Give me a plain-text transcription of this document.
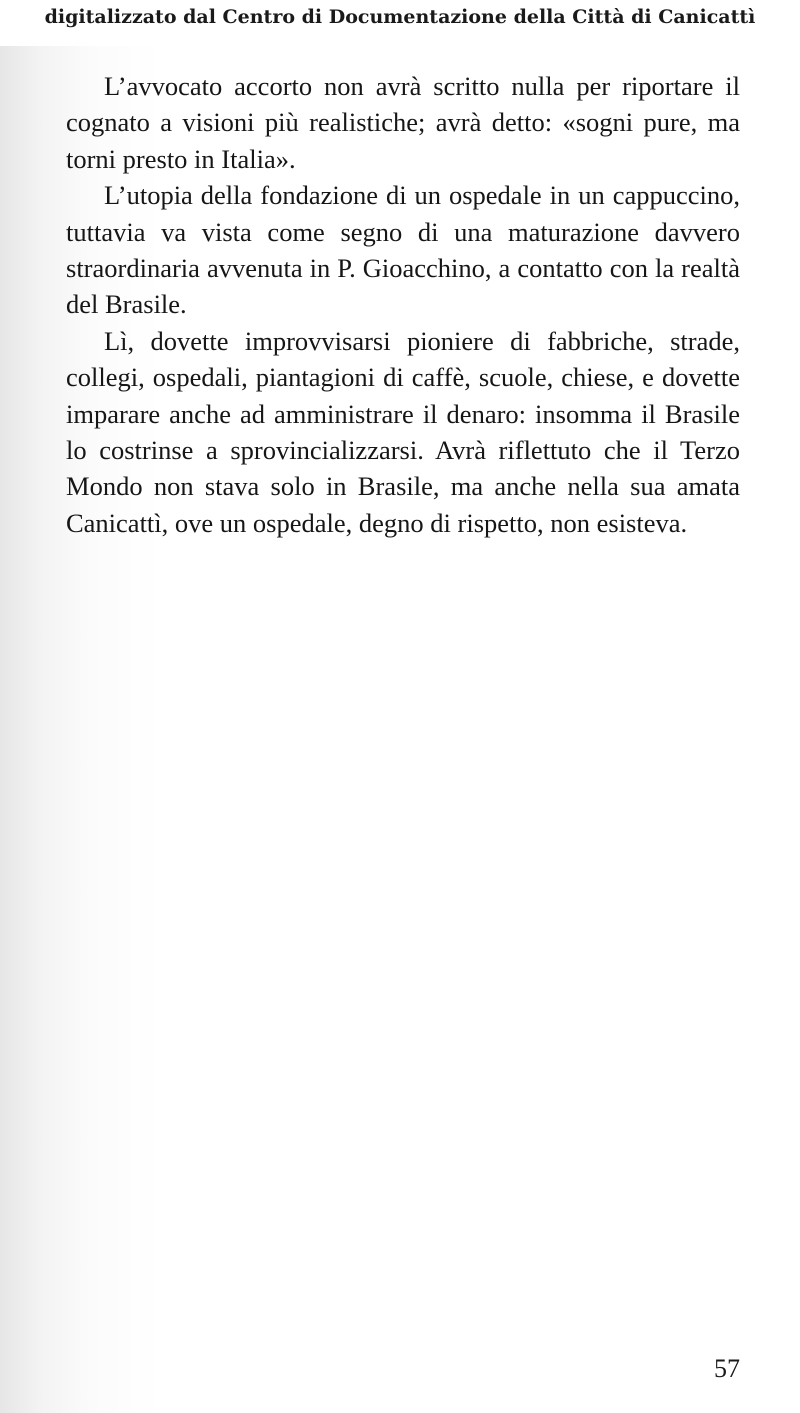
digitalizzato dal Centro di Documentazione della Città di Canicattì

L’avvocato accorto non avrà scritto nulla per riportare il cognato a visioni più realistiche; avrà detto: «sogni pure, ma torni presto in Italia».

L’utopia della fondazione di un ospedale in un cappuccino, tuttavia va vista come segno di una maturazione davvero straordinaria avvenuta in P. Gioacchino, a contatto con la realtà del Brasile.

Lì, dovette improvvisarsi pioniere di fabbriche, strade, collegi, ospedali, piantagioni di caffè, scuole, chiese, e dovette imparare anche ad amministrare il denaro: insomma il Brasile lo costrinse a sprovincializzarsi. Avrà riflettuto che il Terzo Mondo non stava solo in Brasile, ma anche nella sua amata Canicattì, ove un ospedale, degno di rispetto, non esisteva.

57
